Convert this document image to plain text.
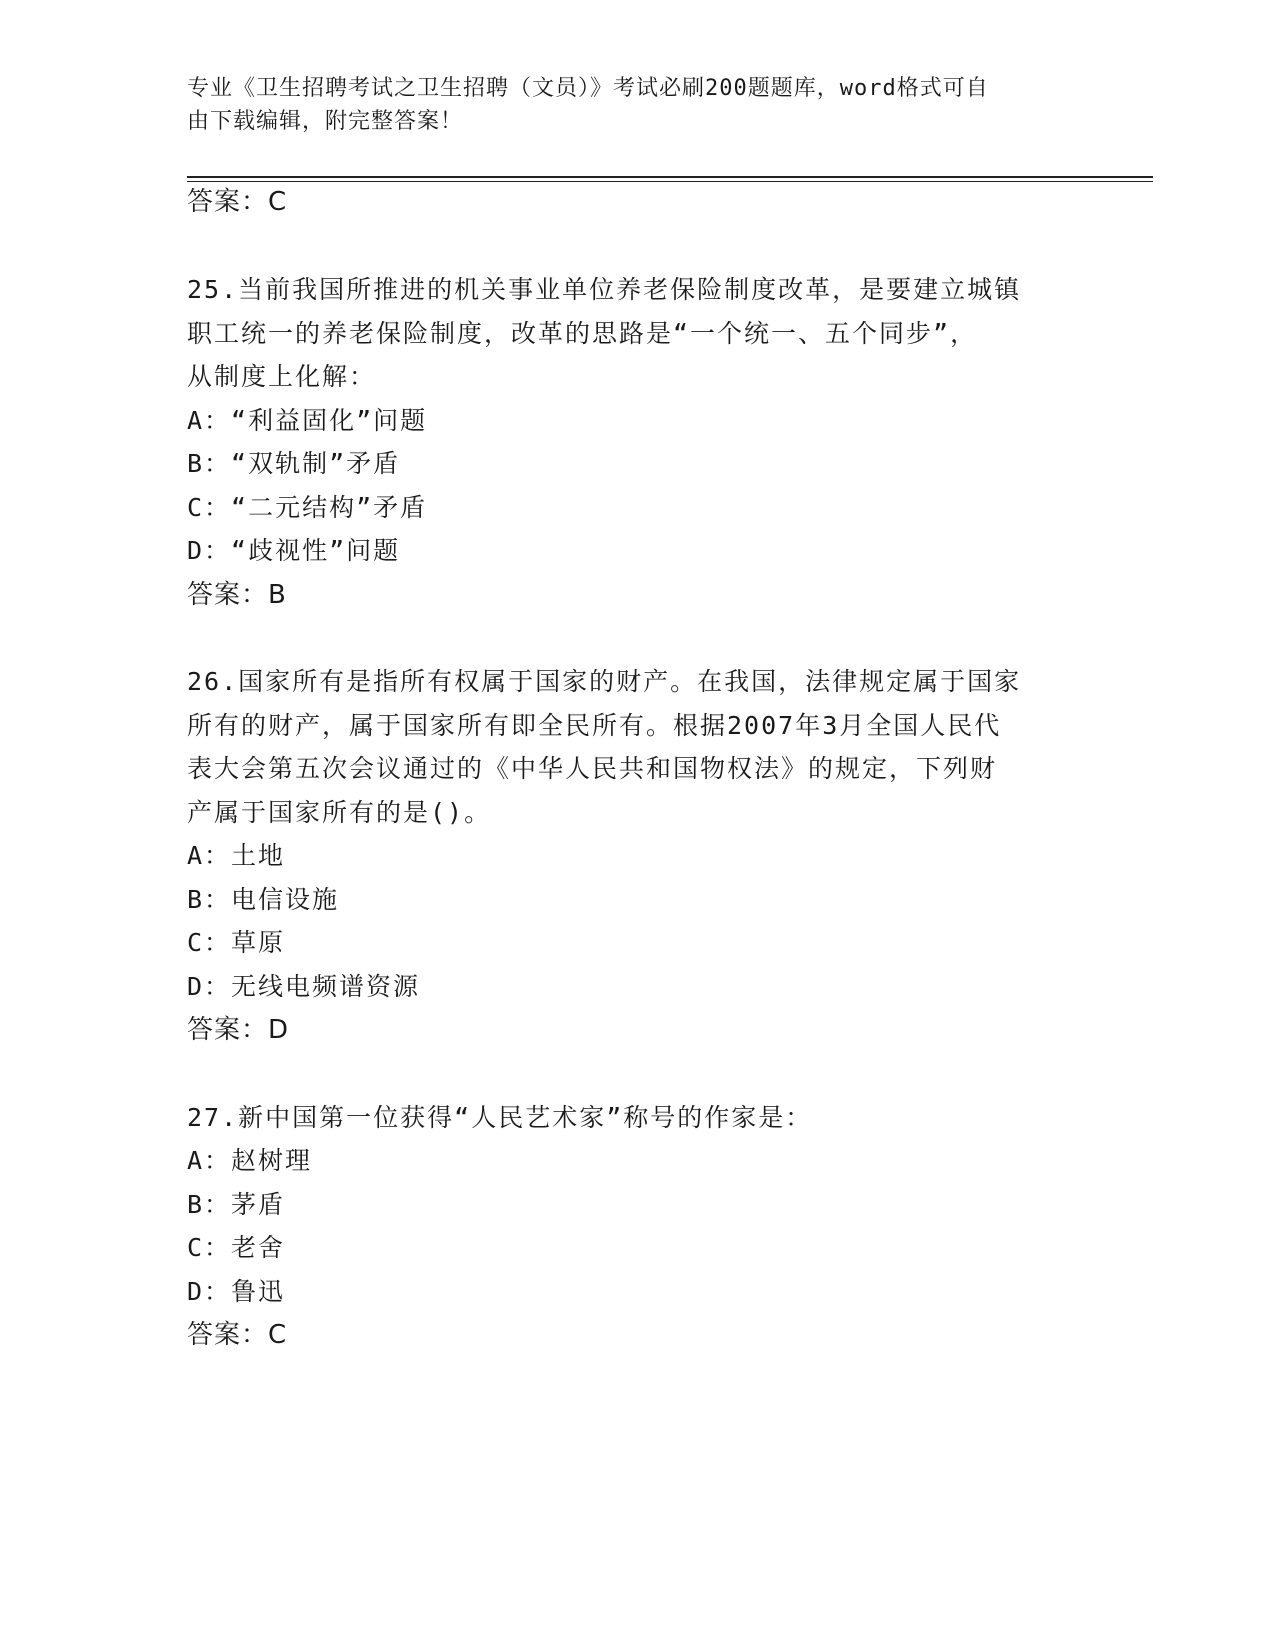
专业《卫生招聘考试之卫生招聘（文员）》考试必刷200题题库，word格式可自
由下载编辑，附完整答案！
答案：C
25.当前我国所推进的机关事业单位养老保险制度改革，是要建立城镇
职工统一的养老保险制度，改革的思路是“一个统一、五个同步”，
从制度上化解：
A：“利益固化”问题
B：“双轨制”矛盾
C：“二元结构”矛盾
D：“歧视性”问题
答案：B
26.国家所有是指所有权属于国家的财产。在我国，法律规定属于国家
所有的财产，属于国家所有即全民所有。根据2007年3月全国人民代
表大会第五次会议通过的《中华人民共和国物权法》的规定，下列财
产属于国家所有的是()。
A：土地
B：电信设施
C：草原
D：无线电频谱资源
答案：D
27.新中国第一位获得“人民艺术家”称号的作家是：
A：赵树理
B：茅盾
C：老舍
D：鲁迅
答案：C
